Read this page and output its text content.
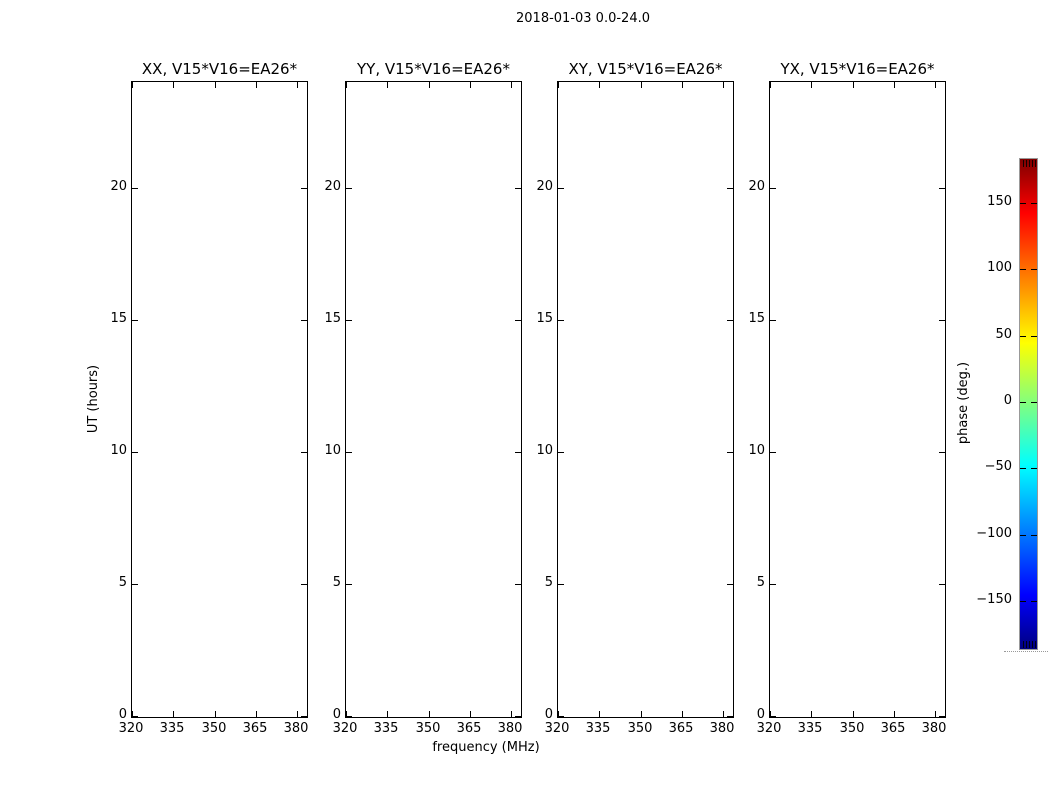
2018-01-03 0.0-24.0
UT (hours)
frequency (MHz)
XX, V15*V16=EA26*	YY, V15*V16=EA26*	XY, V15*V16=EA26*	YX, V15*V16=EA26*
phase (deg.)
320	335	350	365	380
0
5
10
15
20
320	335	350	365	380
0
5
10
15
20
320	335	350	365	380
0
5
10
15
20
320	335	350	365	380
0
5
10
15
20
150
100
50
0
−50
−100
−150
